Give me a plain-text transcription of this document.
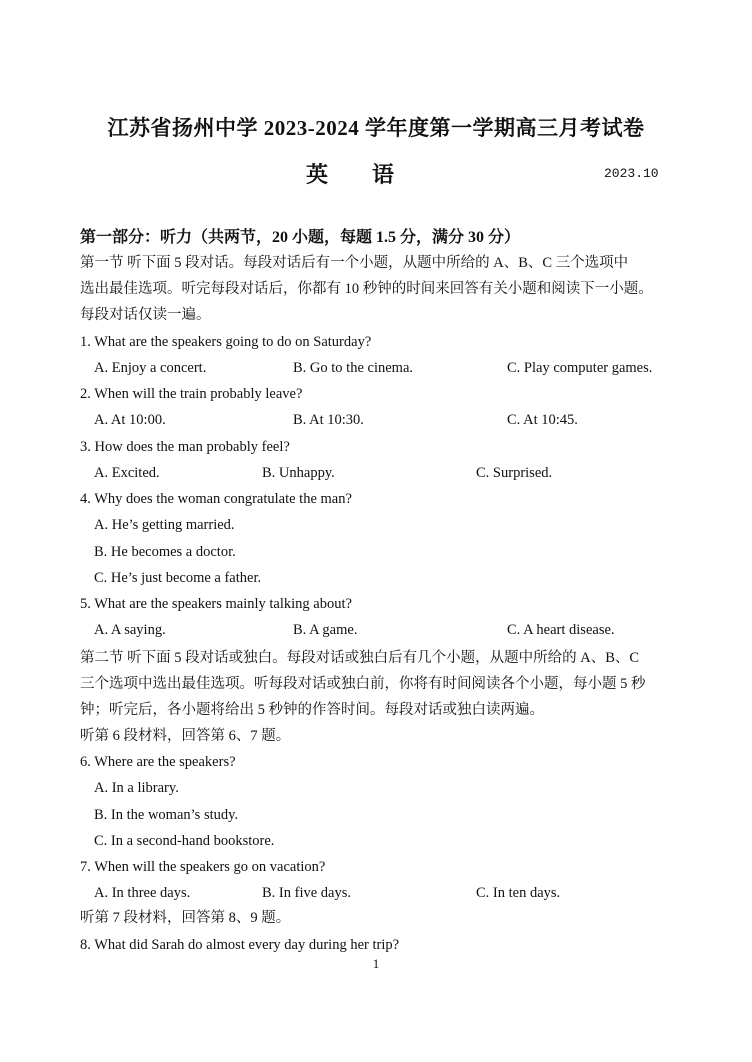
江苏省扬州中学 2023-2024 学年度第一学期高三月考试卷
英语	2023.10
第一部分：听力（共两节，20 小题，每题 1.5 分，满分 30 分）
第一节 听下面 5 段对话。每段对话后有一个小题，从题中所给的 A、B、C 三个选项中
选出最佳选项。听完每段对话后，你都有 10 秒钟的时间来回答有关小题和阅读下一小题。
每段对话仅读一遍。
1. What are the speakers going to do on Saturday?
A. Enjoy a concert.	B. Go to the cinema.	C. Play computer games.
2. When will the train probably leave?
A. At 10:00.	B. At 10:30.	C. At 10:45.
3. How does the man probably feel?
A. Excited.	B. Unhappy.	C. Surprised.
4. Why does the woman congratulate the man?
A. He’s getting married.
B. He becomes a doctor.
C. He’s just become a father.
5. What are the speakers mainly talking about?
A. A saying.	B. A game.	C. A heart disease.
第二节 听下面 5 段对话或独白。每段对话或独白后有几个小题，从题中所给的 A、B、C
三个选项中选出最佳选项。听每段对话或独白前，你将有时间阅读各个小题，每小题 5 秒
钟；听完后，各小题将给出 5 秒钟的作答时间。每段对话或独白读两遍。
听第 6 段材料，回答第 6、7 题。
6. Where are the speakers?
A. In a library.
B. In the woman’s study.
C. In a second-hand bookstore.
7. When will the speakers go on vacation?
A. In three days.	B. In five days.	C. In ten days.
听第 7 段材料，回答第 8、9 题。
8. What did Sarah do almost every day during her trip?
1
